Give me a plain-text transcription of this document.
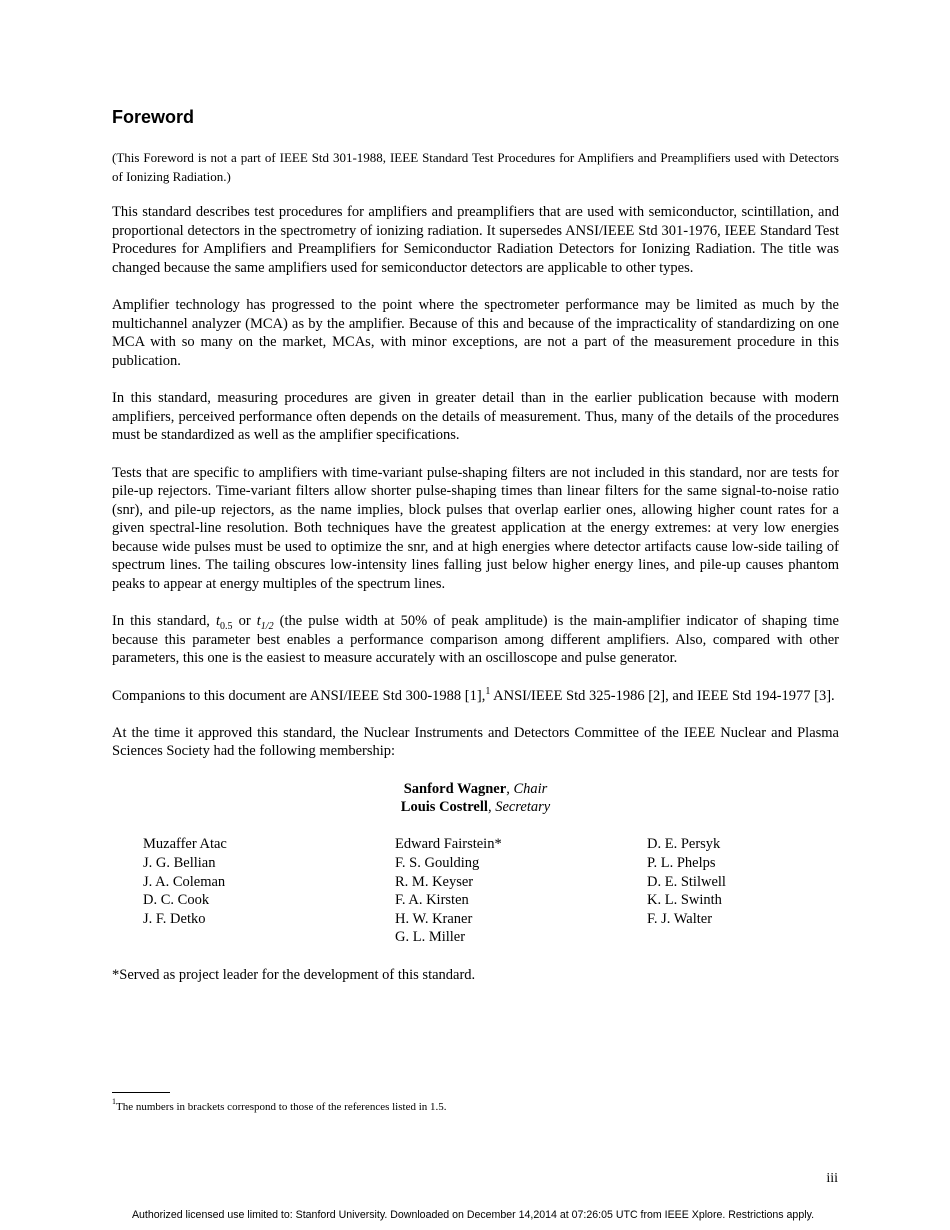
Foreword

(This Foreword is not a part of IEEE Std 301-1988, IEEE Standard Test Procedures for Amplifiers and Preamplifiers used with Detectors of Ionizing Radiation.)

This standard describes test procedures for amplifiers and preamplifiers that are used with semiconductor, scintillation, and proportional detectors in the spectrometry of ionizing radiation. It supersedes ANSI/IEEE Std 301-1976, IEEE Standard Test Procedures for Amplifiers and Preamplifiers for Semiconductor Radiation Detectors for Ionizing Radiation. The title was changed because the same amplifiers used for semiconductor detectors are applicable to other types.

Amplifier technology has progressed to the point where the spectrometer performance may be limited as much by the multichannel analyzer (MCA) as by the amplifier. Because of this and because of the impracticality of standardizing on one MCA with so many on the market, MCAs, with minor exceptions, are not a part of the measurement procedure in this publication.

In this standard, measuring procedures are given in greater detail than in the earlier publication because with modern amplifiers, perceived performance often depends on the details of measurement. Thus, many of the details of the procedures must be standardized as well as the amplifier specifications.

Tests that are specific to amplifiers with time-variant pulse-shaping filters are not included in this standard, nor are tests for pile-up rejectors. Time-variant filters allow shorter pulse-shaping times than linear filters for the same signal-to-noise ratio (snr), and pile-up rejectors, as the name implies, block pulses that overlap earlier ones, allowing higher count rates for a given spectral-line resolution. Both techniques have the greatest application at the energy extremes: at very low energies because wide pulses must be used to optimize the snr, and at high energies where detector artifacts cause low-side tailing of spectrum lines. The tailing obscures low-intensity lines falling just below higher energy lines, and pile-up causes phantom peaks to appear at energy multiples of the spectrum lines.

In this standard, $t_{0.5}$ or $t_{1/2}$ (the pulse width at 50% of peak amplitude) is the main-amplifier indicator of shaping time because this parameter best enables a performance comparison among different amplifiers. Also, compared with other parameters, this one is the easiest to measure accurately with an oscilloscope and pulse generator.

Companions to this document are ANSI/IEEE Std 300-1988 [1],$^1$ ANSI/IEEE Std 325-1986 [2], and IEEE Std 194-1977 [3].

At the time it approved this standard, the Nuclear Instruments and Detectors Committee of the IEEE Nuclear and Plasma Sciences Society had the following membership:

Sanford Wagner, Chair
Louis Costrell, Secretary
Muzaffer Atac
J. G. Bellian
J. A. Coleman
D. C. Cook
J. F. Detko
Edward Fairstein*
F. S. Goulding
R. M. Keyser
F. A. Kirsten
H. W. Kraner
G. L. Miller
D. E. Persyk
P. L. Phelps
D. E. Stilwell
K. L. Swinth
F. J. Walter

*Served as project leader for the development of this standard.

$^1$The numbers in brackets correspond to those of the references listed in 1.5.

iii
Authorized licensed use limited to: Stanford University. Downloaded on December 14,2014 at 07:26:05 UTC from IEEE Xplore. Restrictions apply.
